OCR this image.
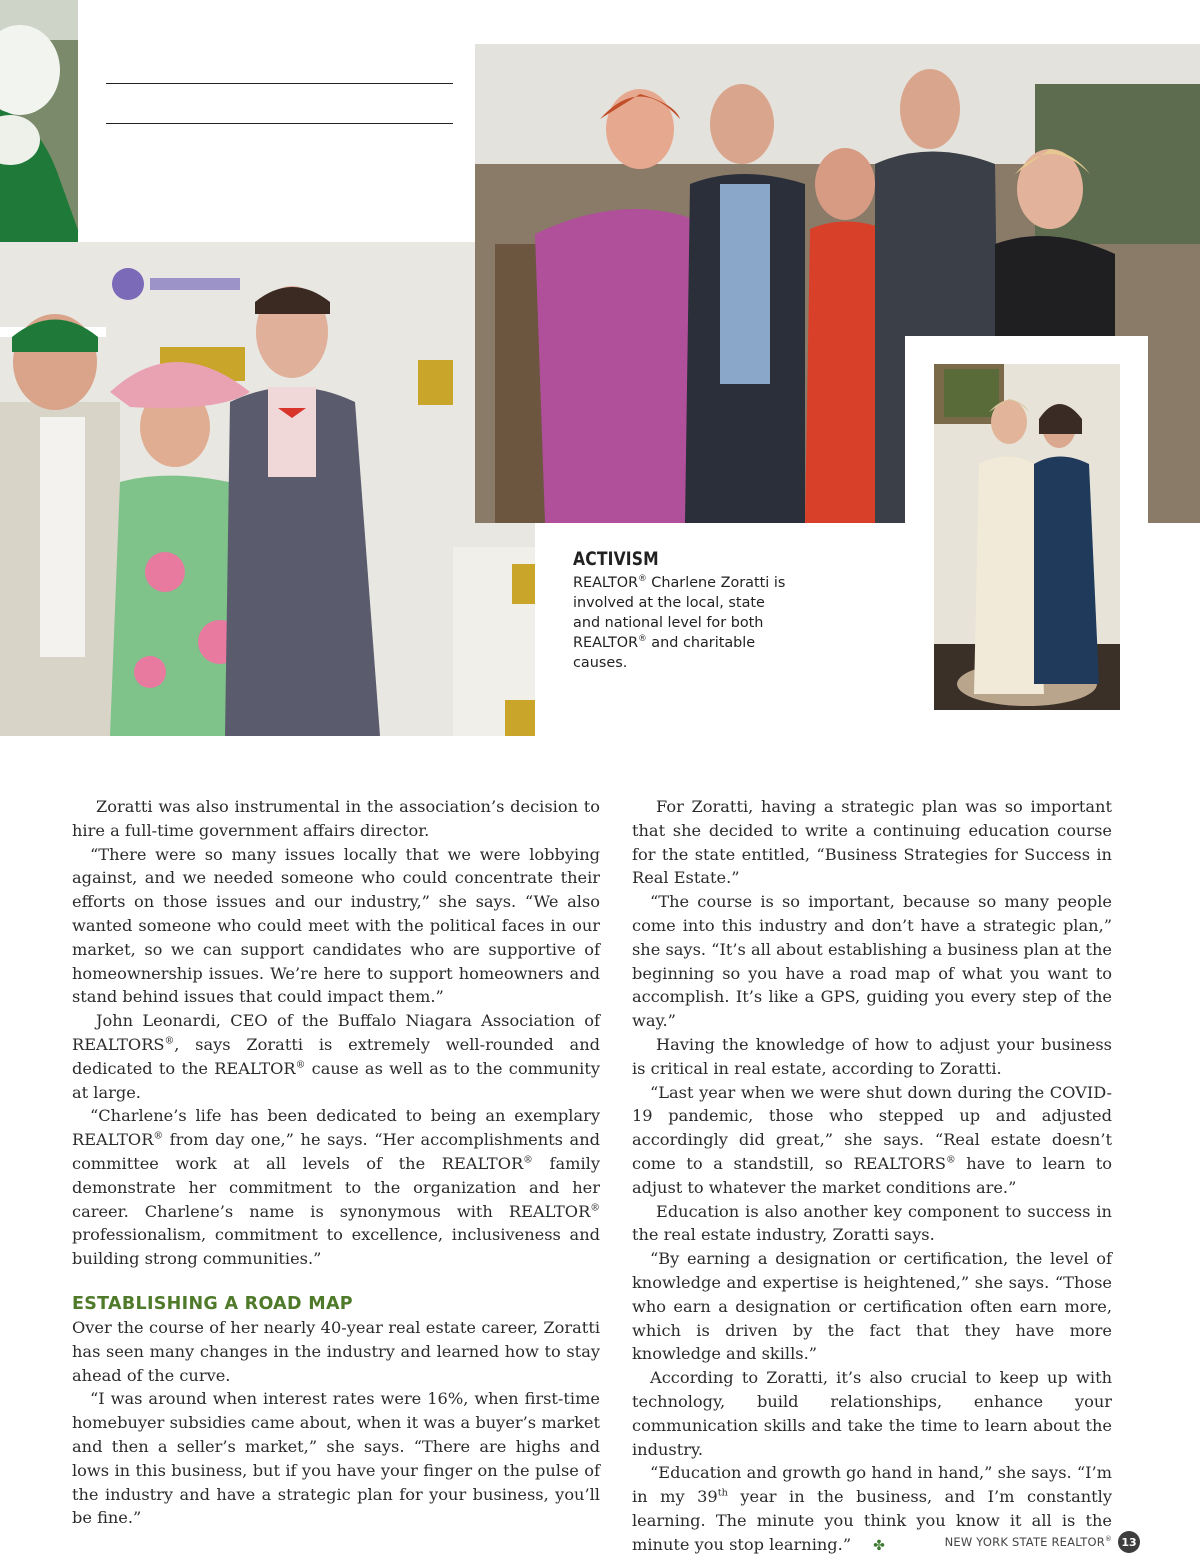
ACTIVISM
REALTOR® Charlene Zoratti is involved at the local, state and national level for both REALTOR® and charitable causes.

Zoratti was also instrumental in the association’s decision to hire a full-time government affairs director.

“There were so many issues locally that we were lobbying against, and we needed someone who could concentrate their efforts on those issues and our industry,” she says. “We also wanted someone who could meet with the political faces in our market, so we can support candidates who are supportive of homeownership issues. We’re here to support homeowners and stand behind issues that could impact them.”

John Leonardi, CEO of the Buffalo Niagara Association of REALTORS®, says Zoratti is extremely well-rounded and dedicated to the REALTOR® cause as well as to the community at large.

“Charlene’s life has been dedicated to being an exemplary REALTOR® from day one,” he says. “Her accomplishments and committee work at all levels of the REALTOR® family demonstrate her commitment to the organization and her career. Charlene’s name is synonymous with REALTOR® professionalism, commitment to excellence, inclusiveness and building strong communities.”

ESTABLISHING A ROAD MAP

Over the course of her nearly 40-year real estate career, Zoratti has seen many changes in the industry and learned how to stay ahead of the curve.

“I was around when interest rates were 16%, when first-time homebuyer subsidies came about, when it was a buyer’s market and then a seller’s market,” she says. “There are highs and lows in this business, but if you have your finger on the pulse of the industry and have a strategic plan for your business, you’ll be fine.”

For Zoratti, having a strategic plan was so important that she decided to write a continuing education course for the state entitled, “Business Strategies for Success in Real Estate.”

“The course is so important, because so many people come into this industry and don’t have a strategic plan,” she says. “It’s all about establishing a business plan at the beginning so you have a road map of what you want to accomplish. It’s like a GPS, guiding you every step of the way.”

Having the knowledge of how to adjust your business is critical in real estate, according to Zoratti.

“Last year when we were shut down during the COVID-19 pandemic, those who stepped up and adjusted accordingly did great,” she says. “Real estate doesn’t come to a standstill, so REALTORS® have to learn to adjust to whatever the market conditions are.”

Education is also another key component to success in the real estate industry, Zoratti says.

“By earning a designation or certification, the level of knowledge and expertise is heightened,” she says. “Those who earn a designation or certification often earn more, which is driven by the fact that they have more knowledge and skills.”

According to Zoratti, it’s also crucial to keep up with technology, build relationships, enhance your communication skills and take the time to learn about the industry.

“Education and growth go hand in hand,” she says. “I’m in my 39th year in the business, and I’m constantly learning. The minute you think you know it all is the minute you stop learning.” ✤	NEW YORK STATE REALTOR® 13
